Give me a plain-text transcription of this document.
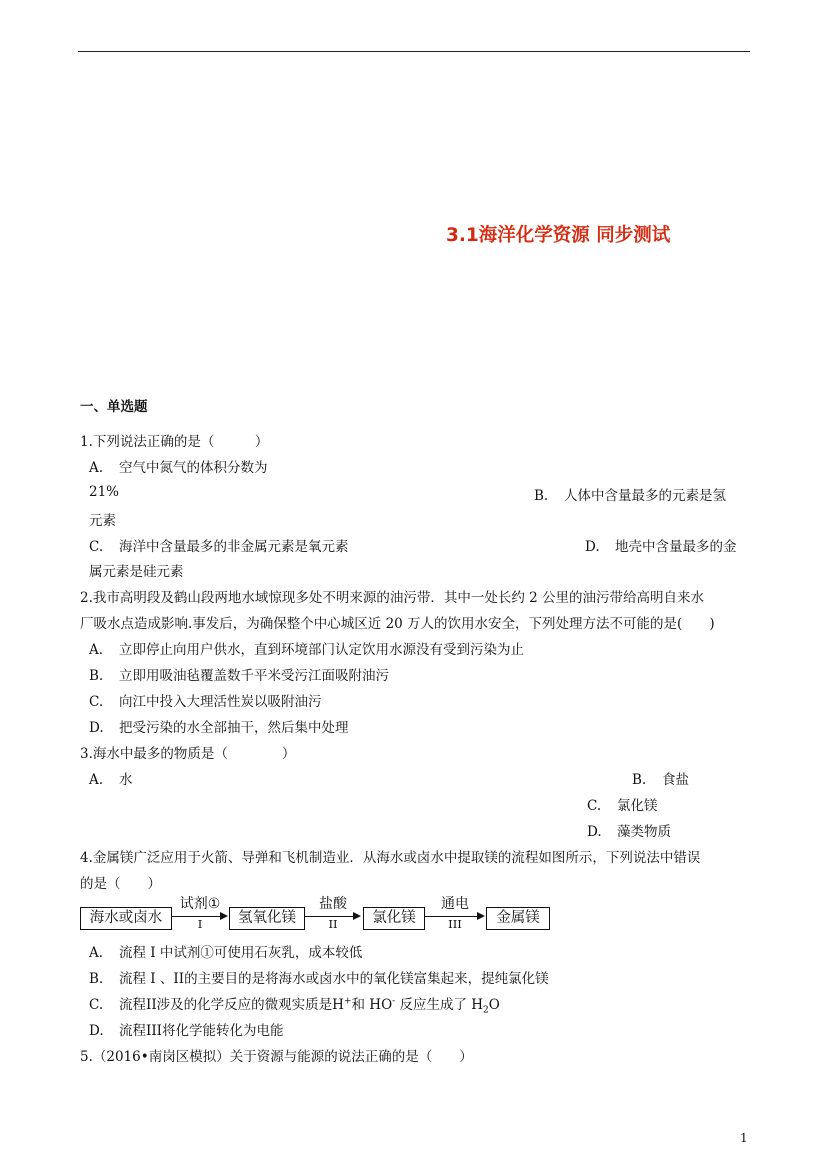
3.1海洋化学资源 同步测试
一、单选题
1.下列说法正确的是（　　　）
A. 空气中氮气的体积分数为
21%	B. 人体中含量最多的元素是氢
元素
C. 海洋中含量最多的非金属元素是氧元素	D. 地壳中含量最多的金
属元素是硅元素
2.我市高明段及鹤山段两地水域惊现多处不明来源的油污带．其中一处长约 2 公里的油污带给高明自来水
厂吸水点造成影响.事发后，为确保整个中心城区近 20 万人的饮用水安全，下列处理方法不可能的是(　　)
A. 立即停止向用户供水，直到环境部门认定饮用水源没有受到污染为止
B. 立即用吸油毡覆盖数千平米受污江面吸附油污
C. 向江中投入大理活性炭以吸附油污
D. 把受污染的水全部抽干，然后集中处理
3.海水中最多的物质是（　　　　）
A. 水	B. 食盐
C. 氯化镁
D. 藻类物质
4.金属镁广泛应用于火箭、导弹和飞机制造业．从海水或卤水中提取镁的流程如图所示，下列说法中错误
的是（　　）
海水或卤水
试剂①
I	氢氧化镁
盐酸
II	氯化镁
通电
III	金属镁
A. 流程 I 中试剂①可使用石灰乳，成本较低
B. 流程 I 、II的主要目的是将海水或卤水中的氧化镁富集起来，提纯氯化镁
C. 流程II涉及的化学反应的微观实质是H+和 HO- 反应生成了 $H_2O$
D. 流程III将化学能转化为电能
5.（2016•南岗区模拟）关于资源与能源的说法正确的是（　　）
1
